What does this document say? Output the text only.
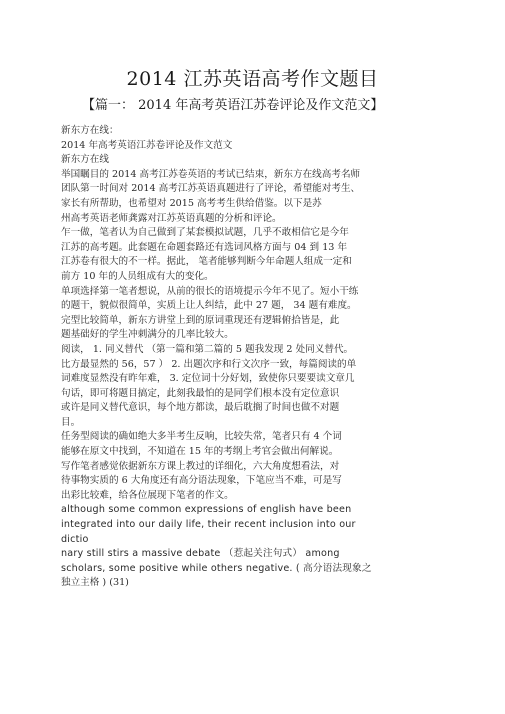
2014 江苏英语高考作文题目
【篇一： 2014 年高考英语江苏卷评论及作文范文】

新东方在线：

2014 年高考英语江苏卷评论及作文范文

新东方在线

举国瞩目的 2014 高考江苏卷英语的考试已结束，新东方在线高考名师

团队第一时间对 2014 高考江苏英语真题进行了评论，希望能对考生、

家长有所帮助，也希望对 2015 高考考生供给借鉴。以下是苏

州高考英语老师龚露对江苏英语真题的分析和评论。

乍一做，笔者认为自己做到了某套模拟试题，几乎不敢相信它是今年

江苏的高考题。此套题在命题套路还有选词风格方面与 04 到 13 年

江苏卷有很大的不一样。据此， 笔者能够判断今年命题人组成一定和

前方 10 年的人员组成有大的变化。

单项选择第一笔者想说，从前的很长的语境提示今年不见了。短小干练

的题干，貌似很简单，实质上让人纠结，此中 27 题， 34 题有难度。

完型比较简单，新东方讲堂上到的原词重现还有逻辑俯拾皆是，此

题基础好的学生冲刺满分的几率比较大。

阅读， 1. 同义替代 （第一篇和第二篇的 5 题我发现 2 处同义替代。

比方最显然的 56，57 ） 2. 出题次序和行文次序一致，每篇阅读的单

词难度显然没有昨年难， 3. 定位词十分好划，致使你只要要读文章几

句话，即可将题目搞定，此刻我最怕的是同学们根本没有定位意识

或许是同义替代意识，每个地方都读，最后耽搁了时间也做不对题

目。

任务型阅读的确如绝大多半考生反响，比较失常，笔者只有 4 个词

能够在原文中找到，不知道在 15 年的考纲上考官会做出何解说。

写作笔者感觉依据新东方课上教过的详细化，六大角度想看法，对

待事物实质的 6 大角度还有高分语法现象，下笔应当不难，可是写

出彩比较难，给各位展现下笔者的作文。

although some common expressions of english have been

integrated into our daily life, their recent inclusion into our

dictio

nary still stirs a massive debate （惹起关注句式） among

scholars, some positive while others negative. ( 高分语法现象之

独立主格 ) (31)
